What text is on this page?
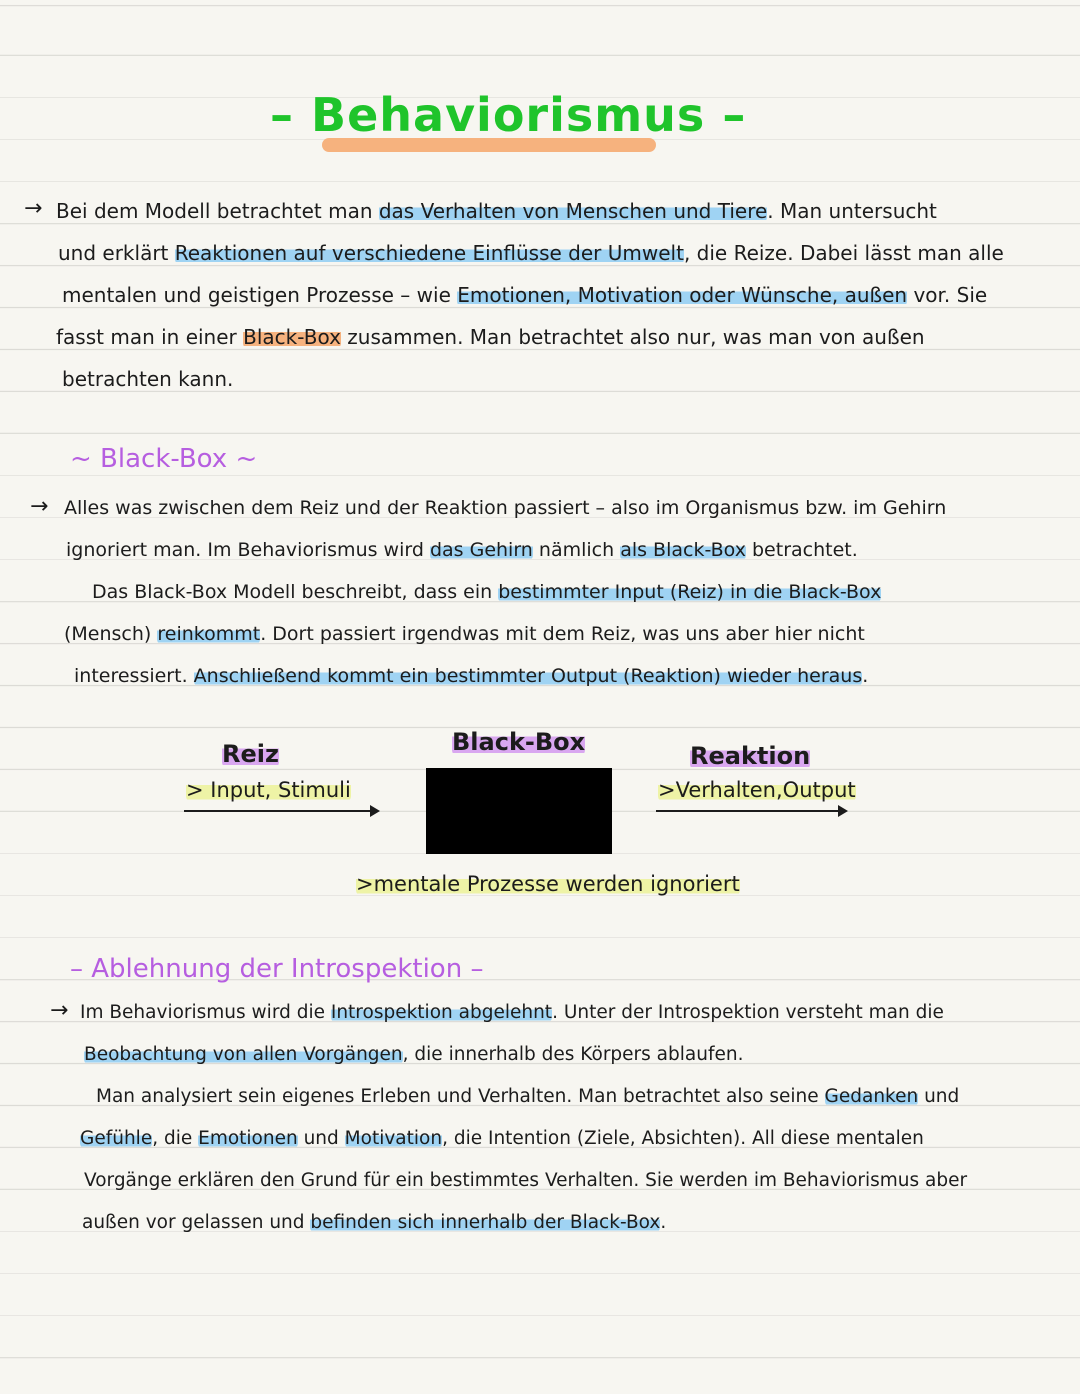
– Behaviorismus –
→ Bei dem Modell betrachtet man das Verhalten von Menschen und Tiere. Man untersucht
und erklärt Reaktionen auf verschiedene Einflüsse der Umwelt, die Reize. Dabei lässt man alle
mentalen und geistigen Prozesse – wie Emotionen, Motivation oder Wünsche, außen vor. Sie
fasst man in einer Black-Box zusammen. Man betrachtet also nur, was man von außen
betrachten kann.
~ Black-Box ~
→ Alles was zwischen dem Reiz und der Reaktion passiert – also im Organismus bzw. im Gehirn
ignoriert man. Im Behaviorismus wird das Gehirn nämlich als Black-Box betrachtet.
Das Black-Box Modell beschreibt, dass ein bestimmter Input (Reiz) in die Black-Box
(Mensch) reinkommt. Dort passiert irgendwas mit dem Reiz, was uns aber hier nicht
interessiert. Anschließend kommt ein bestimmter Output (Reaktion) wieder heraus.
Reiz
> Input, Stimuli
Black-Box	Reaktion
>Verhalten,Output
>mentale Prozesse werden ignoriert
– Ablehnung der Introspektion –
→ Im Behaviorismus wird die Introspektion abgelehnt. Unter der Introspektion versteht man die
Beobachtung von allen Vorgängen, die innerhalb des Körpers ablaufen.
Man analysiert sein eigenes Erleben und Verhalten. Man betrachtet also seine Gedanken und
Gefühle, die Emotionen und Motivation, die Intention (Ziele, Absichten). All diese mentalen
Vorgänge erklären den Grund für ein bestimmtes Verhalten. Sie werden im Behaviorismus aber
außen vor gelassen und befinden sich innerhalb der Black-Box.
